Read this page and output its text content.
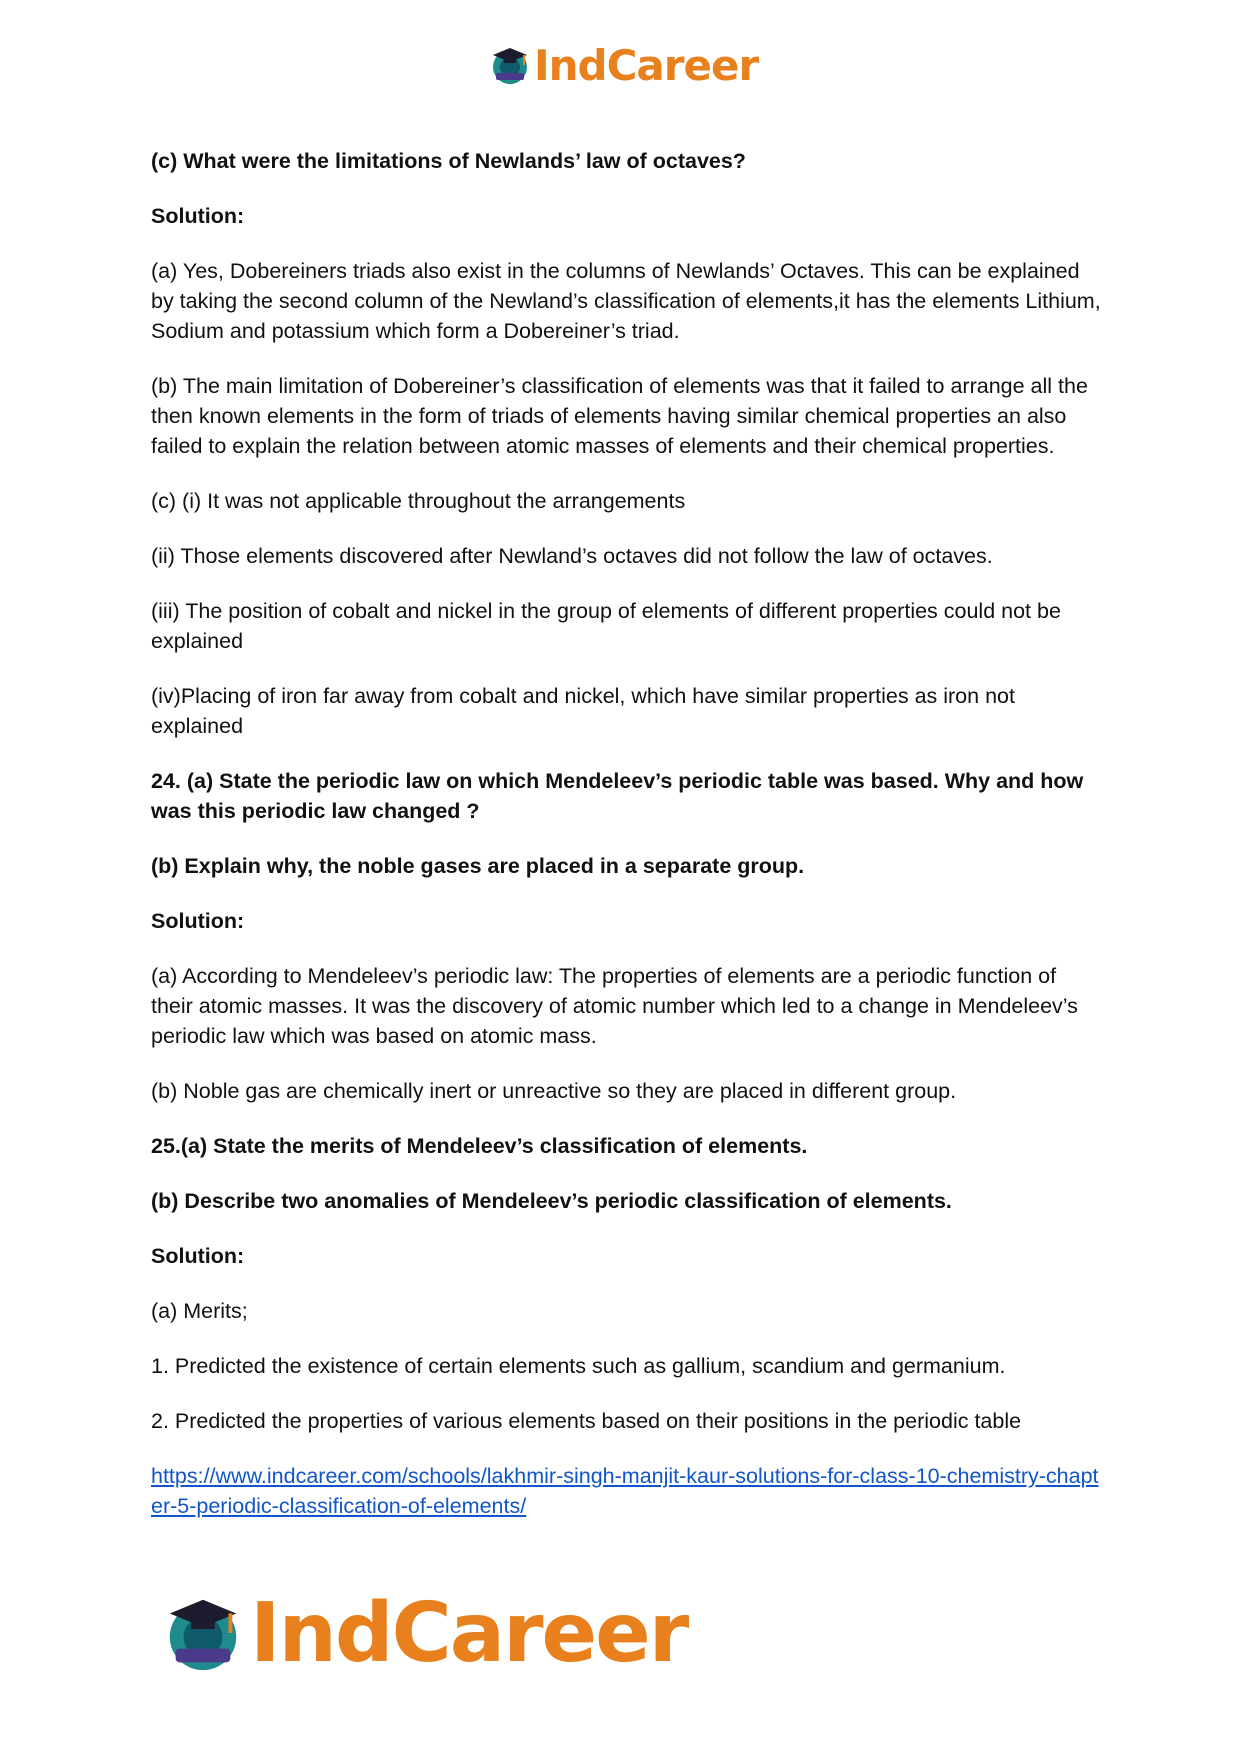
IndCareer

(c) What were the limitations of Newlands’ law of octaves?

Solution:

(a) Yes, Dobereiners triads also exist in the columns of Newlands’ Octaves. This can be explained by taking the second column of the Newland’s classification of elements,it has the elements Lithium, Sodium and potassium which form a Dobereiner’s triad.

(b) The main limitation of Dobereiner’s classification of elements was that it failed to arrange all the then known elements in the form of triads of elements having similar chemical properties an also failed to explain the relation between atomic masses of elements and their chemical properties.

(c) (i) It was not applicable throughout the arrangements

(ii) Those elements discovered after Newland’s octaves did not follow the law of octaves.

(iii) The position of cobalt and nickel in the group of elements of different properties could not be explained

(iv)Placing of iron far away from cobalt and nickel, which have similar properties as iron not explained

24. (a) State the periodic law on which Mendeleev’s periodic table was based. Why and how was this periodic law changed ?

(b) Explain why, the noble gases are placed in a separate group.

Solution:

(a) According to Mendeleev’s periodic law: The properties of elements are a periodic function of their atomic masses. It was the discovery of atomic number which led to a change in Mendeleev’s periodic law which was based on atomic mass.

(b) Noble gas are chemically inert or unreactive so they are placed in different group.

25.(a) State the merits of Mendeleev’s classification of elements.

(b) Describe two anomalies of Mendeleev’s periodic classification of elements.

Solution:

(a) Merits;

1. Predicted the existence of certain elements such as gallium, scandium and germanium.

2. Predicted the properties of various elements based on their positions in the periodic table

https://www.indcareer.com/schools/lakhmir-singh-manjit-kaur-solutions-for-class-10-chemistry-chapter-5-periodic-classification-of-elements/

IndCareer
